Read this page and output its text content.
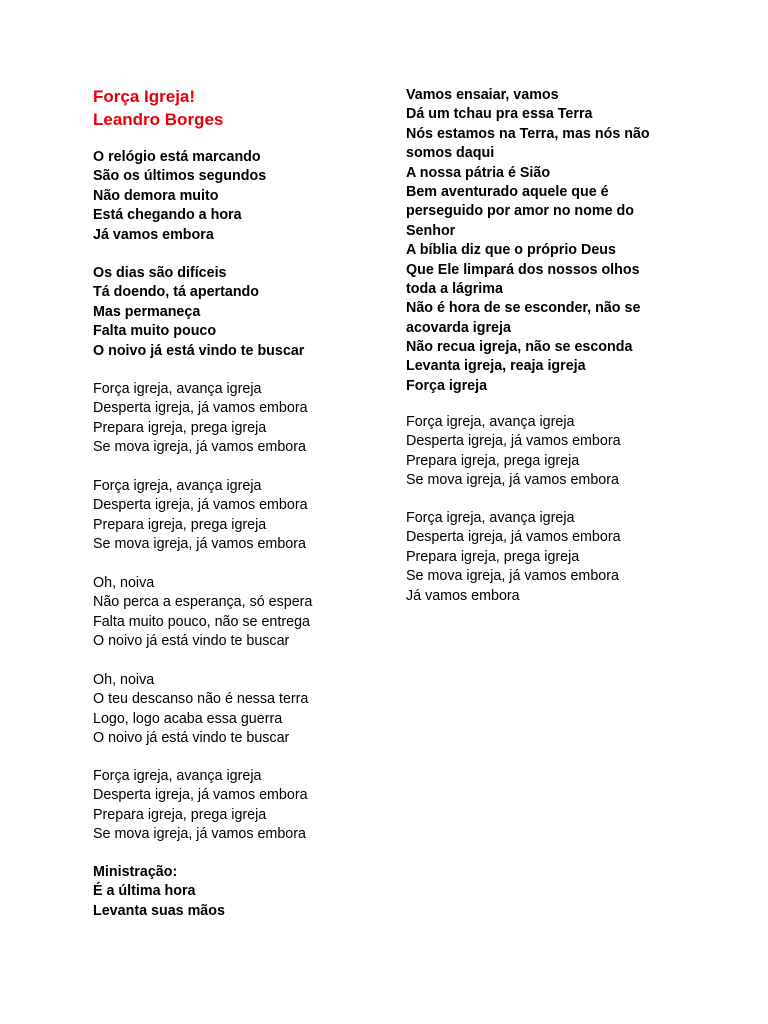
Força Igreja!
Leandro Borges
O relógio está marcando
São os últimos segundos
Não demora muito
Está chegando a hora
Já vamos embora
Os dias são difíceis
Tá doendo, tá apertando
Mas permaneça
Falta muito pouco
O noivo já está vindo te buscar
Força igreja, avança igreja
Desperta igreja, já vamos embora
Prepara igreja, prega igreja
Se mova igreja, já vamos embora
Força igreja, avança igreja
Desperta igreja, já vamos embora
Prepara igreja, prega igreja
Se mova igreja, já vamos embora
Oh, noiva
Não perca a esperança, só espera
Falta muito pouco, não se entrega
O noivo já está vindo te buscar
Oh, noiva
O teu descanso não é nessa terra
Logo, logo acaba essa guerra
O noivo já está vindo te buscar
Força igreja, avança igreja
Desperta igreja, já vamos embora
Prepara igreja, prega igreja
Se mova igreja, já vamos embora
Ministração:
É a última hora
Levanta suas mãos
Vamos ensaiar, vamos
Dá um tchau pra essa Terra
Nós estamos na Terra, mas nós não
somos daqui
A nossa pátria é Sião
Bem aventurado aquele que é
perseguido por amor no nome do
Senhor
A bíblia diz que o próprio Deus
Que Ele limpará dos nossos olhos
toda a lágrima
Não é hora de se esconder, não se
acovarda igreja
Não recua igreja, não se esconda
Levanta igreja, reaja igreja
Força igreja
Força igreja, avança igreja
Desperta igreja, já vamos embora
Prepara igreja, prega igreja
Se mova igreja, já vamos embora
Força igreja, avança igreja
Desperta igreja, já vamos embora
Prepara igreja, prega igreja
Se mova igreja, já vamos embora
Já vamos embora
